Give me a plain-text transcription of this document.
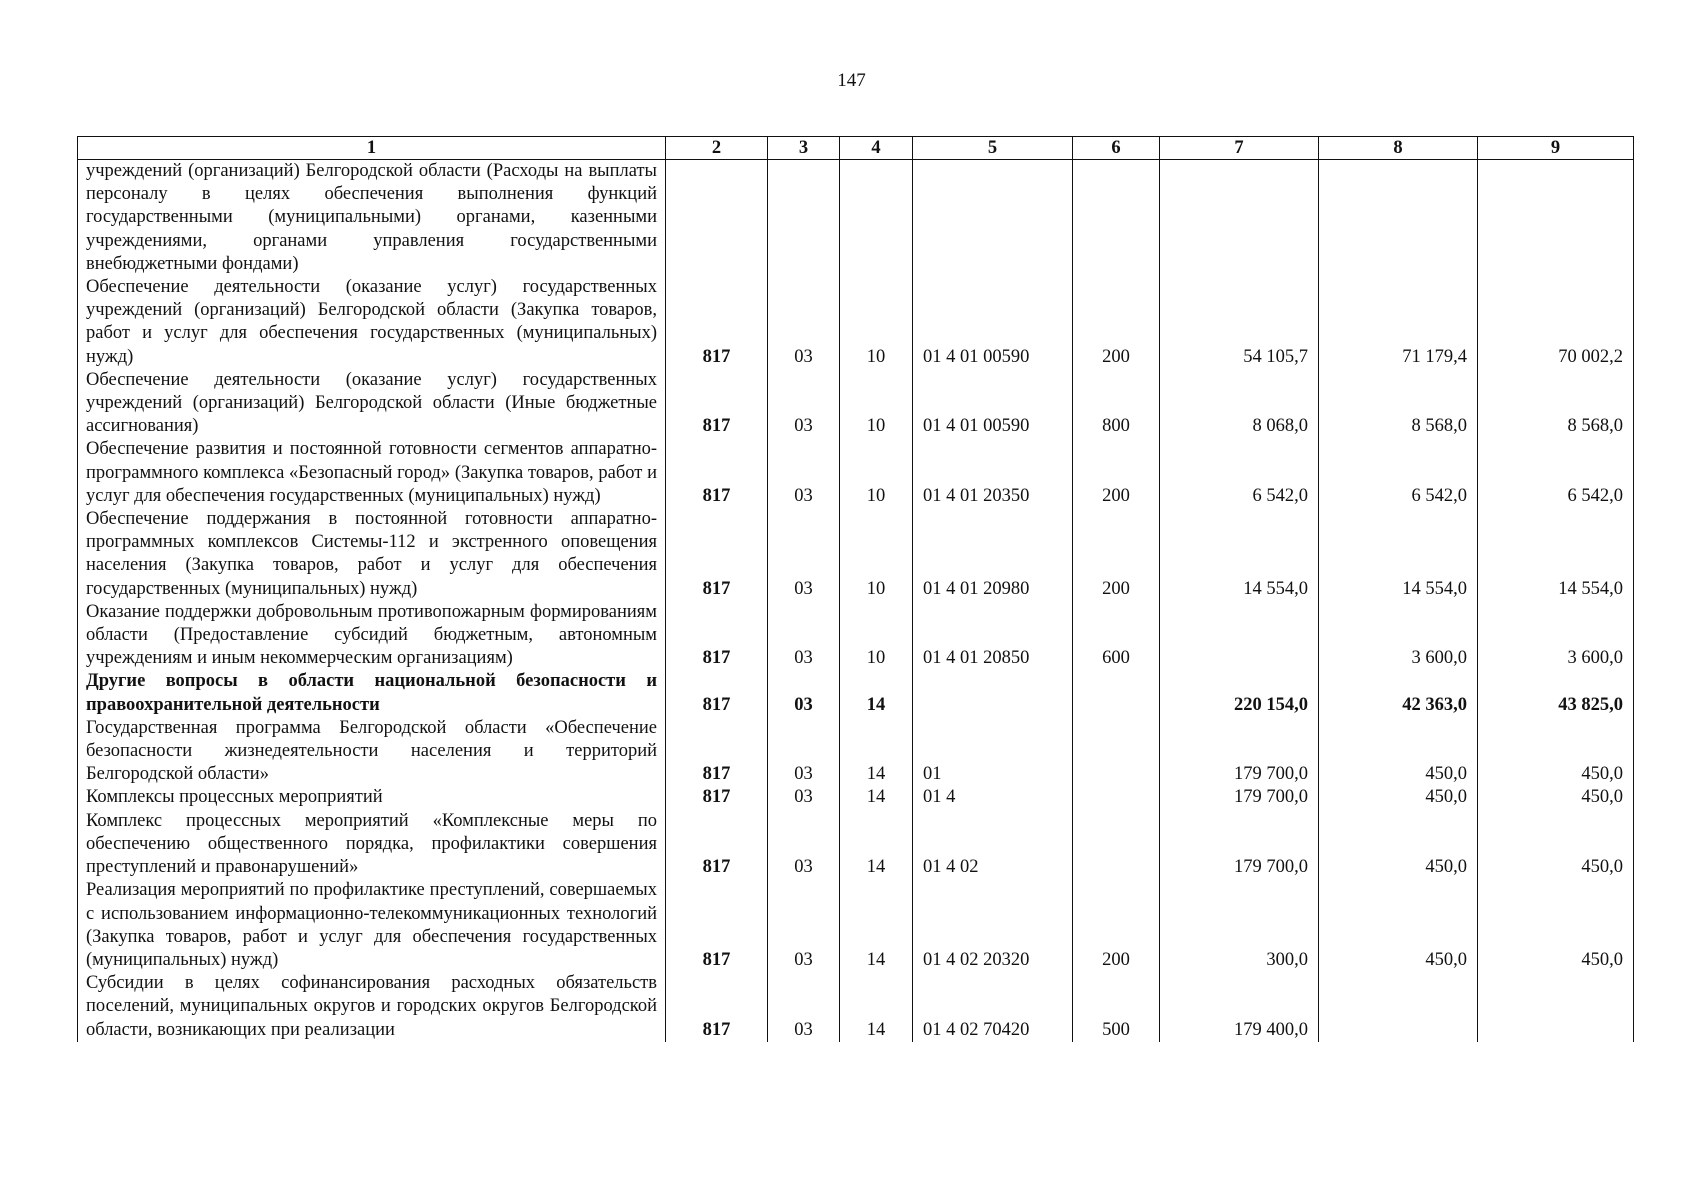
147
1	2	3	4	5	6	7	8	9
учреждений (организаций) Белгородской области (Расходы на выплаты персоналу в целях обеспечения выполнения функций государственными (муниципальными) органами, казенными учреждениями, органами управления государственными внебюджетными фондами)								
Обеспечение деятельности (оказание услуг) государственных учреждений (организаций) Белгородской области (Закупка товаров, работ и услуг для обеспечения государственных (муниципальных) нужд)	817	03	10	01 4 01 00590	200	54 105,7	71 179,4	70 002,2
Обеспечение деятельности (оказание услуг) государственных учреждений (организаций) Белгородской области (Иные бюджетные ассигнования)	817	03	10	01 4 01 00590	800	8 068,0	8 568,0	8 568,0
Обеспечение развития и постоянной готовности сегментов аппаратно-программного комплекса «Безопасный город» (Закупка товаров, работ и услуг для обеспечения государственных (муниципальных) нужд)	817	03	10	01 4 01 20350	200	6 542,0	6 542,0	6 542,0
Обеспечение поддержания в постоянной готовности аппаратно-программных комплексов Системы-112 и экстренного оповещения населения (Закупка товаров, работ и услуг для обеспечения государственных (муниципальных) нужд)	817	03	10	01 4 01 20980	200	14 554,0	14 554,0	14 554,0
Оказание поддержки добровольным противопожарным формированиям области (Предоставление субсидий бюджетным, автономным учреждениям и иным некоммерческим организациям)	817	03	10	01 4 01 20850	600		3 600,0	3 600,0
Другие вопросы в области национальной безопасности и правоохранительной деятельности	817	03	14			220 154,0	42 363,0	43 825,0
Государственная программа Белгородской области «Обеспечение безопасности жизнедеятельности населения и территорий Белгородской области»	817	03	14	01		179 700,0	450,0	450,0
Комплексы процессных мероприятий	817	03	14	01 4		179 700,0	450,0	450,0
Комплекс процессных мероприятий «Комплексные меры по обеспечению общественного порядка, профилактики совершения преступлений и правонарушений»	817	03	14	01 4 02		179 700,0	450,0	450,0
Реализация мероприятий по профилактике преступлений, совершаемых с использованием информационно-телекоммуникационных технологий (Закупка товаров, работ и услуг для обеспечения государственных (муниципальных) нужд)	817	03	14	01 4 02 20320	200	300,0	450,0	450,0
Субсидии в целях софинансирования расходных обязательств поселений, муниципальных округов и городских округов Белгородской области, возникающих при реализации	817	03	14	01 4 02 70420	500	179 400,0		
